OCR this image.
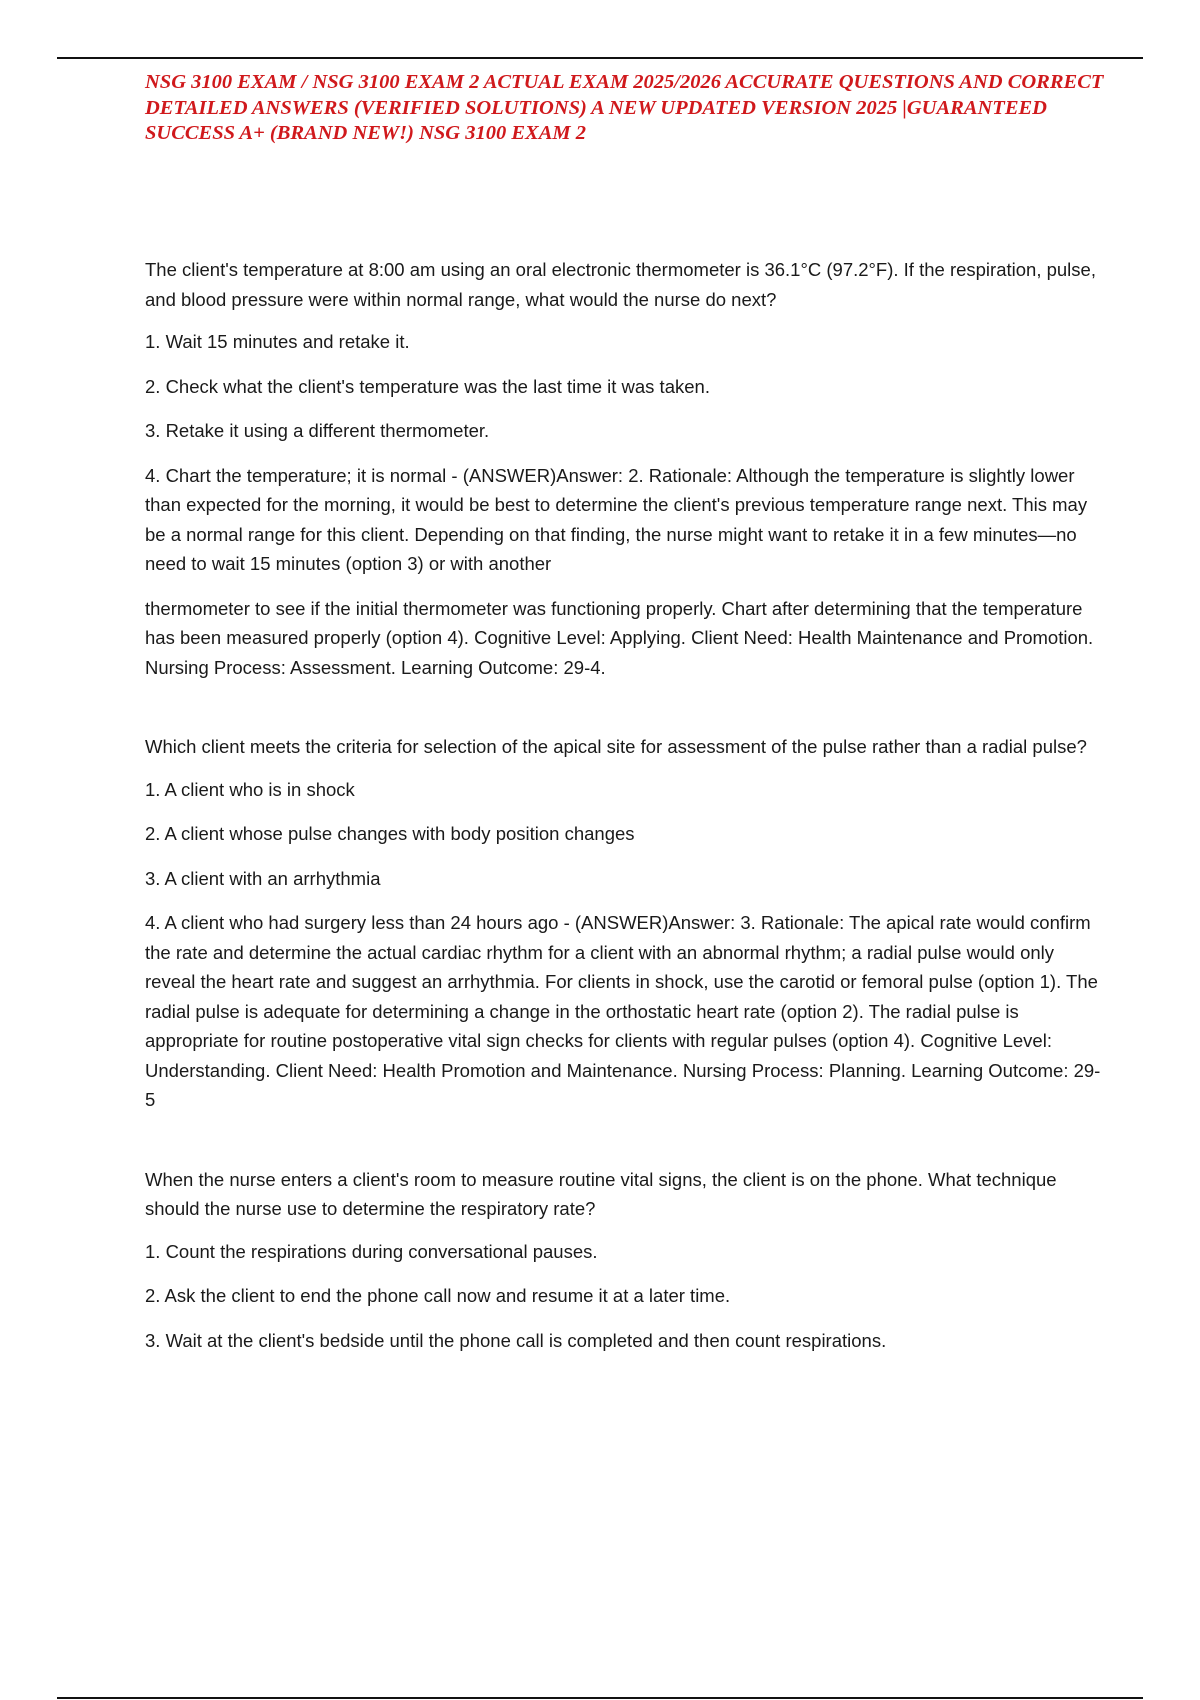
NSG 3100 EXAM / NSG 3100 EXAM 2 ACTUAL EXAM 2025/2026 ACCURATE QUESTIONS AND CORRECT DETAILED ANSWERS (VERIFIED SOLUTIONS) A NEW UPDATED VERSION 2025 |GUARANTEED SUCCESS A+ (BRAND NEW!) NSG 3100 EXAM 2

The client's temperature at 8:00 am using an oral electronic thermometer is 36.1°C (97.2°F). If the respiration, pulse, and blood pressure were within normal range, what would the nurse do next?

1. Wait 15 minutes and retake it.
2. Check what the client's temperature was the last time it was taken.
3. Retake it using a different thermometer.
4. Chart the temperature; it is normal - (ANSWER)Answer: 2. Rationale: Although the temperature is slightly lower than expected for the morning, it would be best to determine the client's previous temperature range next. This may be a normal range for this client. Depending on that finding, the nurse might want to retake it in a few minutes—no need to wait 15 minutes (option 3) or with another

thermometer to see if the initial thermometer was functioning properly. Chart after determining that the temperature has been measured properly (option 4). Cognitive Level: Applying. Client Need: Health Maintenance and Promotion. Nursing Process: Assessment. Learning Outcome: 29-4.

Which client meets the criteria for selection of the apical site for assessment of the pulse rather than a radial pulse?

1. A client who is in shock
2. A client whose pulse changes with body position changes
3. A client with an arrhythmia
4. A client who had surgery less than 24 hours ago - (ANSWER)Answer: 3. Rationale: The apical rate would confirm the rate and determine the actual cardiac rhythm for a client with an abnormal rhythm; a radial pulse would only reveal the heart rate and suggest an arrhythmia. For clients in shock, use the carotid or femoral pulse (option 1). The radial pulse is adequate for determining a change in the orthostatic heart rate (option 2). The radial pulse is appropriate for routine postoperative vital sign checks for clients with regular pulses (option 4). Cognitive Level: Understanding. Client Need: Health Promotion and Maintenance. Nursing Process: Planning. Learning Outcome: 29-5

When the nurse enters a client's room to measure routine vital signs, the client is on the phone. What technique should the nurse use to determine the respiratory rate?

1. Count the respirations during conversational pauses.
2. Ask the client to end the phone call now and resume it at a later time.
3. Wait at the client's bedside until the phone call is completed and then count respirations.
